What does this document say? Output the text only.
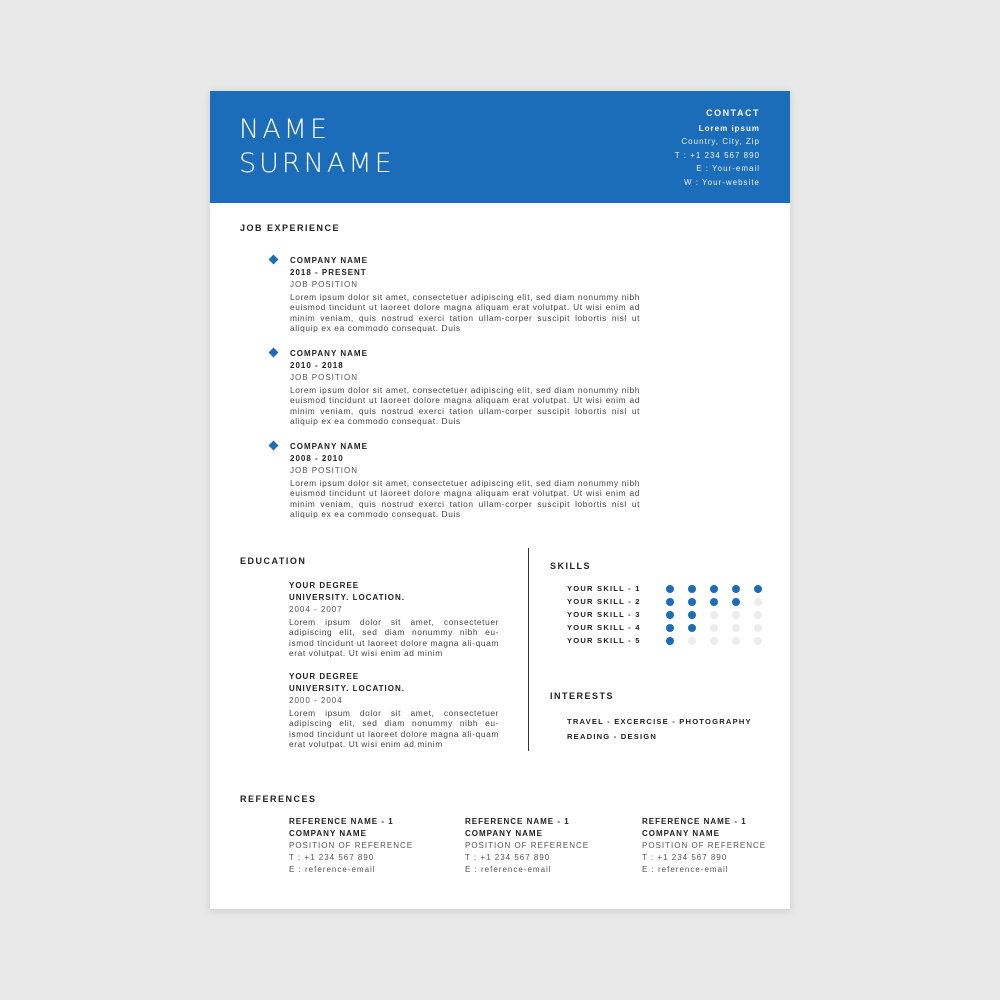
NAME
SURNAME
CONTACT
Lorem ipsum
Country, City, Zip
T : +1 234 567 890
E : Your-email
W : Your-website
JOB EXPERIENCE
COMPANY NAME
2018 - PRESENT
JOB POSITION
Lorem ipsum dolor sit amet, consectetuer adipiscing elit, sed diam nonummy nibh euismod tincidunt ut laoreet dolore magna aliquam erat volutpat. Ut wisi enim ad minim veniam, quis nostrud exerci tation ullam-corper suscipit lobortis nisl ut aliquip ex ea commodo consequat. Duis
COMPANY NAME
2010 - 2018
JOB POSITION
Lorem ipsum dolor sit amet, consectetuer adipiscing elit, sed diam nonummy nibh euismod tincidunt ut laoreet dolore magna aliquam erat volutpat. Ut wisi enim ad minim veniam, quis nostrud exerci tation ullam-corper suscipit lobortis nisl ut aliquip ex ea commodo consequat. Duis
COMPANY NAME
2008 - 2010
JOB POSITION
Lorem ipsum dolor sit amet, consectetuer adipiscing elit, sed diam nonummy nibh euismod tincidunt ut laoreet dolore magna aliquam erat volutpat. Ut wisi enim ad minim veniam, quis nostrud exerci tation ullam-corper suscipit lobortis nisl ut aliquip ex ea commodo consequat. Duis
EDUCATION
YOUR DEGREE
UNIVERSITY. LOCATION.
2004 - 2007
Lorem ipsum dolor sit amet, consectetuer adipiscing elit, sed diam nonummy nibh eu-ismod tincidunt ut laoreet dolore magna ali-quam erat volutpat. Ut wisi enim ad minim
YOUR DEGREE
UNIVERSITY. LOCATION.
2000 - 2004
Lorem ipsum dolor sit amet, consectetuer adipiscing elit, sed diam nonummy nibh eu-ismod tincidunt ut laoreet dolore magna ali-quam erat volutpat. Ut wisi enim ad minim
SKILLS
YOUR SKILL - 1
YOUR SKILL - 2
YOUR SKILL - 3
YOUR SKILL - 4
YOUR SKILL - 5
INTERESTS
TRAVEL - EXCERCISE - PHOTOGRAPHY
READING - DESIGN
REFERENCES
REFERENCE NAME - 1
COMPANY NAME
POSITION OF REFERENCE
T : +1 234 567 890
E : reference-email
REFERENCE NAME - 1
COMPANY NAME
POSITION OF REFERENCE
T : +1 234 567 890
E : reference-email
REFERENCE NAME - 1
COMPANY NAME
POSITION OF REFERENCE
T : +1 234 567 890
E : reference-email
